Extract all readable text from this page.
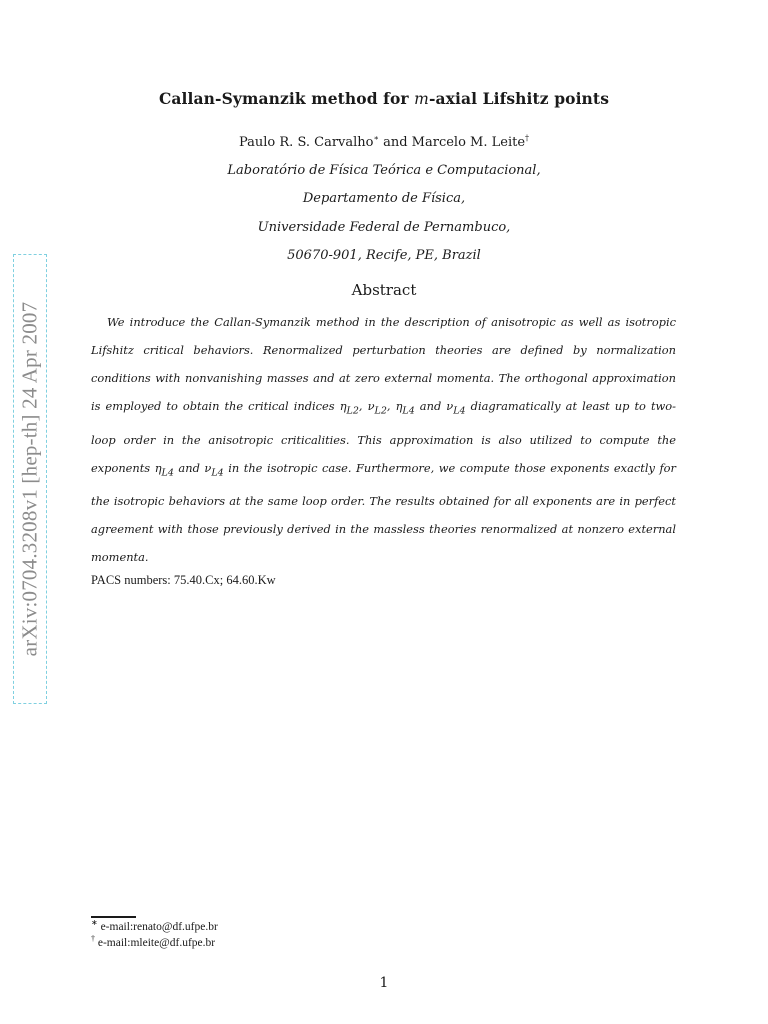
arXiv:0704.3208v1 [hep-th] 24 Apr 2007
Callan-Symanzik method for m-axial Lifshitz points
Paulo R. S. Carvalho∗ and Marcelo M. Leite†
Laboratório de Física Teórica e Computacional,
Departamento de Física,
Universidade Federal de Pernambuco,
50670-901, Recife, PE, Brazil
Abstract

We introduce the Callan-Symanzik method in the description of anisotropic as well as isotropic Lifshitz critical behaviors. Renormalized perturbation theories are defined by normalization conditions with nonvanishing masses and at zero external momenta. The orthogonal approximation is employed to obtain the critical indices $\eta_{L2}$, $\nu_{L2}$, $\eta_{L4}$ and $\nu_{L4}$ diagramatically at least up to two-loop order in the anisotropic criticalities. This approximation is also utilized to compute the exponents $\eta_{L4}$ and $\nu_{L4}$ in the isotropic case. Furthermore, we compute those exponents exactly for the isotropic behaviors at the same loop order. The results obtained for all exponents are in perfect agreement with those previously derived in the massless theories renormalized at nonzero external momenta.

PACS numbers: 75.40.Cx; 64.60.Kw
∗ e-mail:renato@df.ufpe.br
† e-mail:mleite@df.ufpe.br
1
